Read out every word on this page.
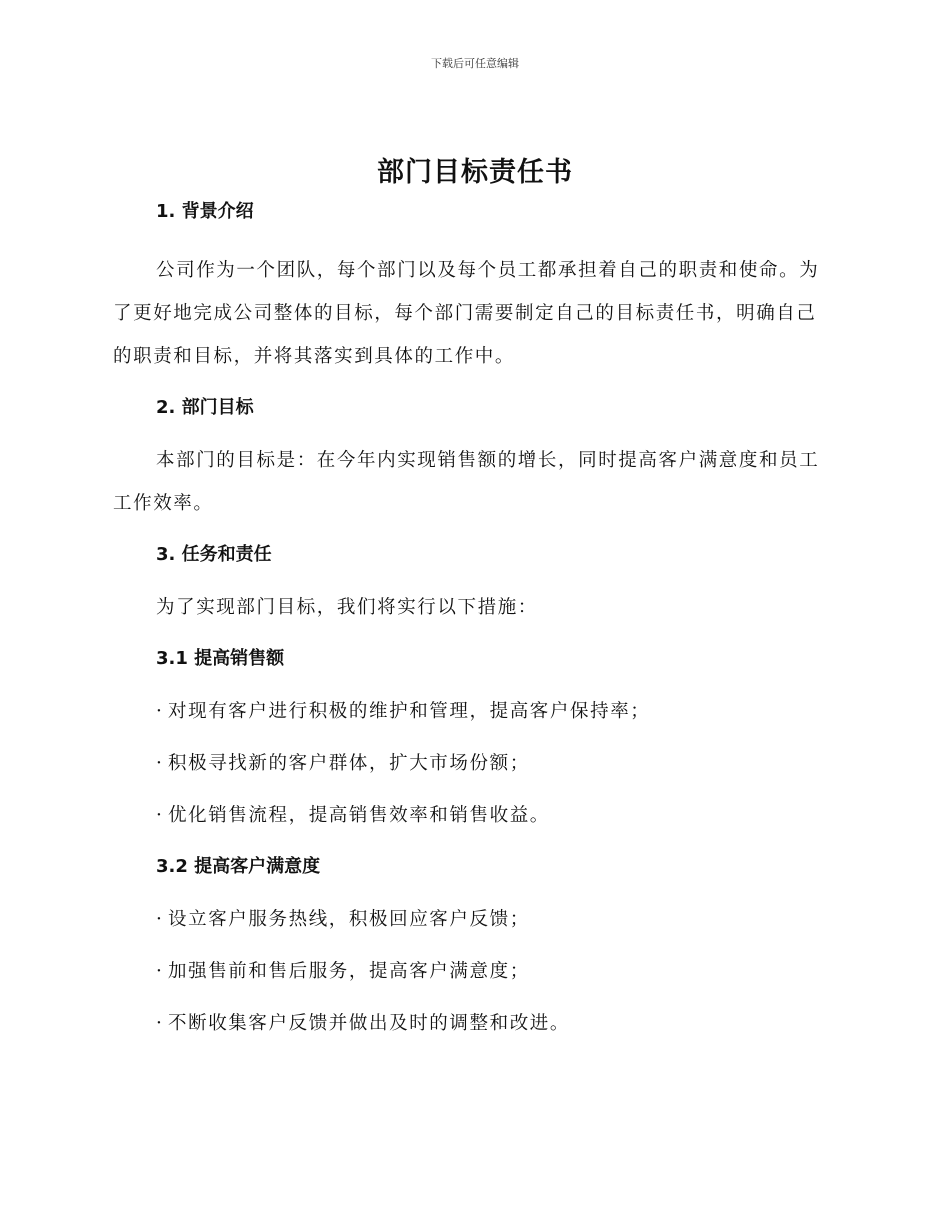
下载后可任意编辑
部门目标责任书
1. 背景介绍

公司作为一个团队，每个部门以及每个员工都承担着自己的职责和使命。为了更好地完成公司整体的目标，每个部门需要制定自己的目标责任书，明确自己的职责和目标，并将其落实到具体的工作中。

2. 部门目标

本部门的目标是：在今年内实现销售额的增长，同时提高客户满意度和员工工作效率。

3. 任务和责任

为了实现部门目标，我们将实行以下措施：

3.1 提高销售额

· 对现有客户进行积极的维护和管理，提高客户保持率；

· 积极寻找新的客户群体，扩大市场份额；

· 优化销售流程，提高销售效率和销售收益。

3.2 提高客户满意度

· 设立客户服务热线，积极回应客户反馈；

· 加强售前和售后服务，提高客户满意度；

· 不断收集客户反馈并做出及时的调整和改进。
